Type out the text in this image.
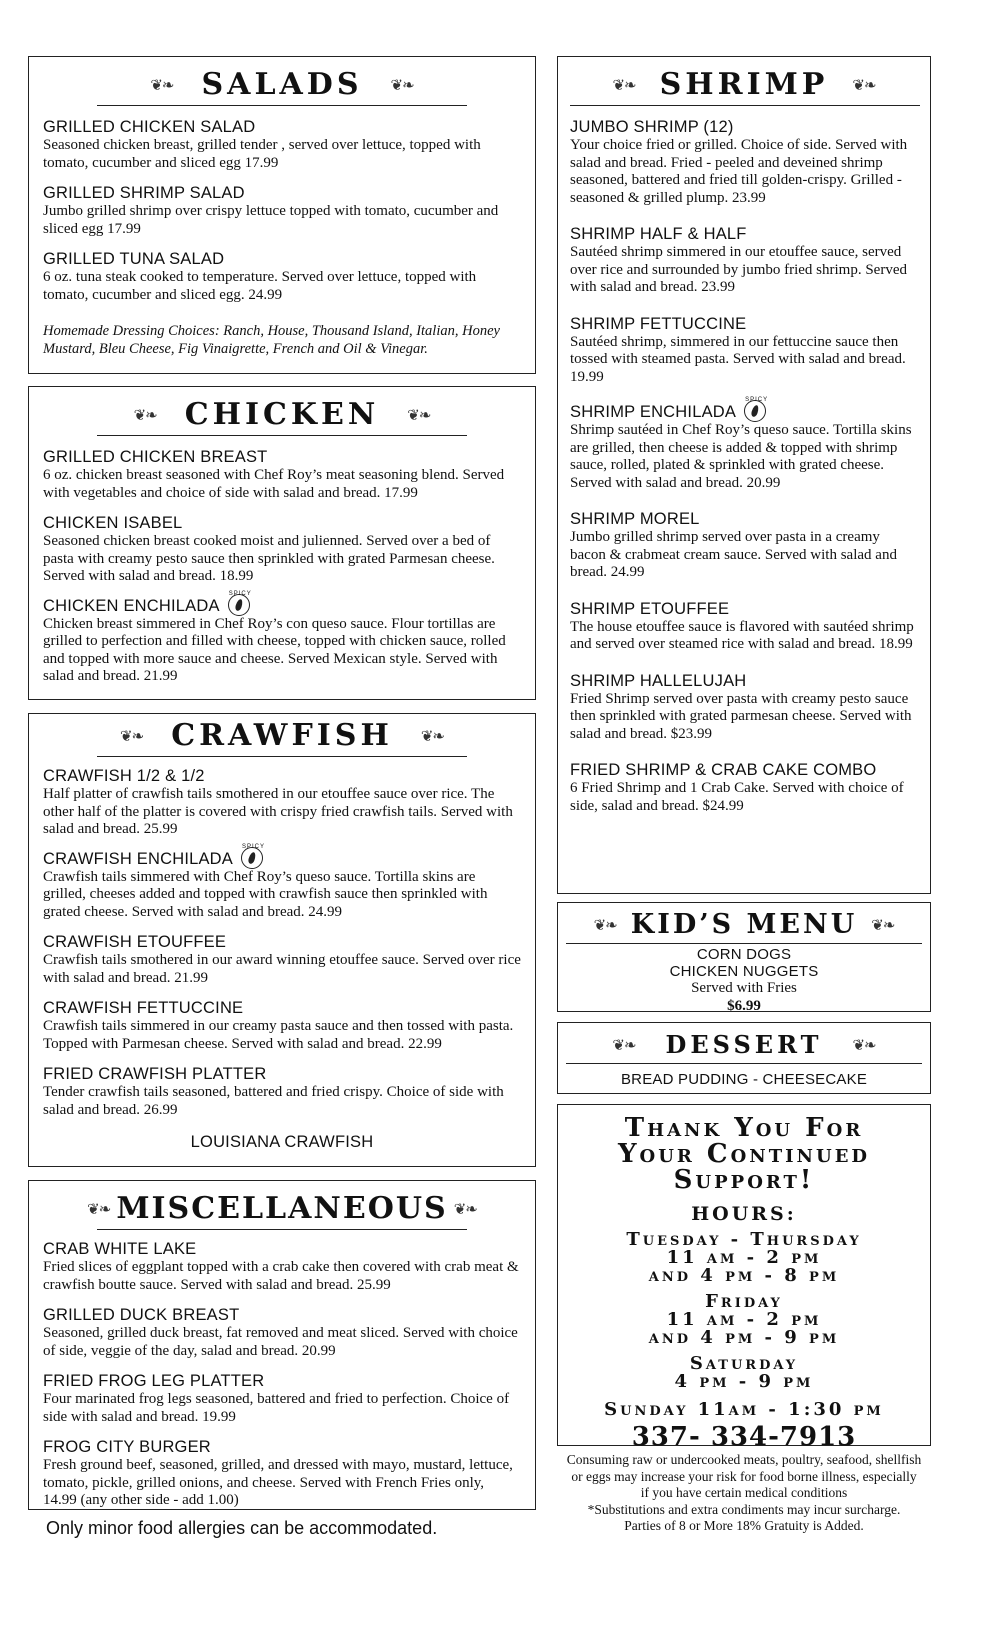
❦❧ SALADS ❦❧
GRILLED CHICKEN SALAD
Seasoned chicken breast, grilled tender , served over lettuce, topped with tomato, cucumber and sliced egg 17.99
GRILLED SHRIMP SALAD
Jumbo grilled shrimp over crispy lettuce topped with tomato, cucumber and sliced egg 17.99
GRILLED TUNA SALAD
6 oz. tuna steak cooked to temperature. Served over lettuce, topped with tomato, cucumber and sliced egg. 24.99
Homemade Dressing Choices: Ranch, House, Thousand Island, Italian, Honey Mustard, Bleu Cheese, Fig Vinaigrette, French and Oil & Vinegar.
❦❧ CHICKEN ❦❧
GRILLED CHICKEN BREAST
6 oz. chicken breast seasoned with Chef Roy’s meat seasoning blend. Served with vegetables and choice of side with salad and bread. 17.99
CHICKEN ISABEL
Seasoned chicken breast cooked moist and julienned. Served over a bed of pasta with creamy pesto sauce then sprinkled with grated Parmesan cheese. Served with salad and bread. 18.99
CHICKEN ENCHILADA
SPICY
Chicken breast simmered in Chef Roy’s con queso sauce. Flour tortillas are grilled to perfection and filled with cheese, topped with chicken sauce, rolled and topped with more sauce and cheese. Served Mexican style. Served with salad and bread. 21.99
❦❧ CRAWFISH ❦❧
CRAWFISH 1/2 & 1/2
Half platter of crawfish tails smothered in our etouffee sauce over rice. The other half of the platter is covered with crispy fried crawfish tails. Served with salad and bread. 25.99
CRAWFISH ENCHILADA
SPICY
Crawfish tails simmered with Chef Roy’s queso sauce. Tortilla skins are grilled, cheeses added and topped with crawfish sauce then sprinkled with grated cheese. Served with salad and bread. 24.99
CRAWFISH ETOUFFEE
Crawfish tails smothered in our award winning etouffee sauce. Served over rice with salad and bread. 21.99
CRAWFISH FETTUCCINE
Crawfish tails simmered in our creamy pasta sauce and then tossed with pasta. Topped with Parmesan cheese. Served with salad and bread. 22.99
FRIED CRAWFISH PLATTER
Tender crawfish tails seasoned, battered and fried crispy. Choice of side with salad and bread. 26.99
LOUISIANA CRAWFISH
❦❧ MISCELLANEOUS ❦❧
CRAB WHITE LAKE
Fried slices of eggplant topped with a crab cake then covered with crab meat & crawfish boutte sauce. Served with salad and bread. 25.99
GRILLED DUCK BREAST
Seasoned, grilled duck breast, fat removed and meat sliced. Served with choice of side, veggie of the day, salad and bread. 20.99
FRIED FROG LEG PLATTER
Four marinated frog legs seasoned, battered and fried to perfection. Choice of side with salad and bread. 19.99
FROG CITY BURGER
Fresh ground beef, seasoned, grilled, and dressed with mayo, mustard, lettuce, tomato, pickle, grilled onions, and cheese. Served with French Fries only, 14.99 (any other side - add 1.00)
Only minor food allergies can be accommodated.
❦❧ SHRIMP ❦❧
JUMBO SHRIMP (12)
Your choice fried or grilled. Choice of side. Served with salad and bread. Fried - peeled and deveined shrimp seasoned, battered and fried till golden-crispy. Grilled - seasoned & grilled plump. 23.99
SHRIMP HALF & HALF
Sautéed shrimp simmered in our etouffee sauce, served over rice and surrounded by jumbo fried shrimp. Served with salad and bread. 23.99
SHRIMP FETTUCCINE
Sautéed shrimp, simmered in our fettuccine sauce then tossed with steamed pasta. Served with salad and bread. 19.99
SHRIMP ENCHILADA
SPICY
Shrimp sautéed in Chef Roy’s queso sauce. Tortilla skins are grilled, then cheese is added & topped with shrimp sauce, rolled, plated & sprinkled with grated cheese. Served with salad and bread. 20.99
SHRIMP MOREL
Jumbo grilled shrimp served over pasta in a creamy bacon & crabmeat cream sauce. Served with salad and bread. 24.99
SHRIMP ETOUFFEE
The house etouffee sauce is flavored with sautéed shrimp and served over steamed rice with salad and bread. 18.99
SHRIMP HALLELUJAH
Fried Shrimp served over pasta with creamy pesto sauce then sprinkled with grated parmesan cheese. Served with salad and bread. $23.99
FRIED SHRIMP & CRAB CAKE COMBO
6 Fried Shrimp and 1 Crab Cake. Served with choice of side, salad and bread. $24.99
❦❧ KID’S MENU ❦❧
CORN DOGS
CHICKEN NUGGETS
Served with Fries
$6.99
❦❧ DESSERT ❦❧
BREAD PUDDING - CHEESECAKE
Thank You For
Your Continued
Support!
HOURS:
Tuesday - Thursday
11 am - 2 pm
and 4 pm - 8 pm
Friday
11 am - 2 pm
and 4 pm - 9 pm
Saturday
4 pm - 9 pm
Sunday 11am - 1:30 pm
337- 334-7913
Consuming raw or undercooked meats, poultry, seafood, shellfish
or eggs may increase your risk for food borne illness, especially
if you have certain medical conditions
*Substitutions and extra condiments may incur surcharge.
Parties of 8 or More 18% Gratuity is Added.
